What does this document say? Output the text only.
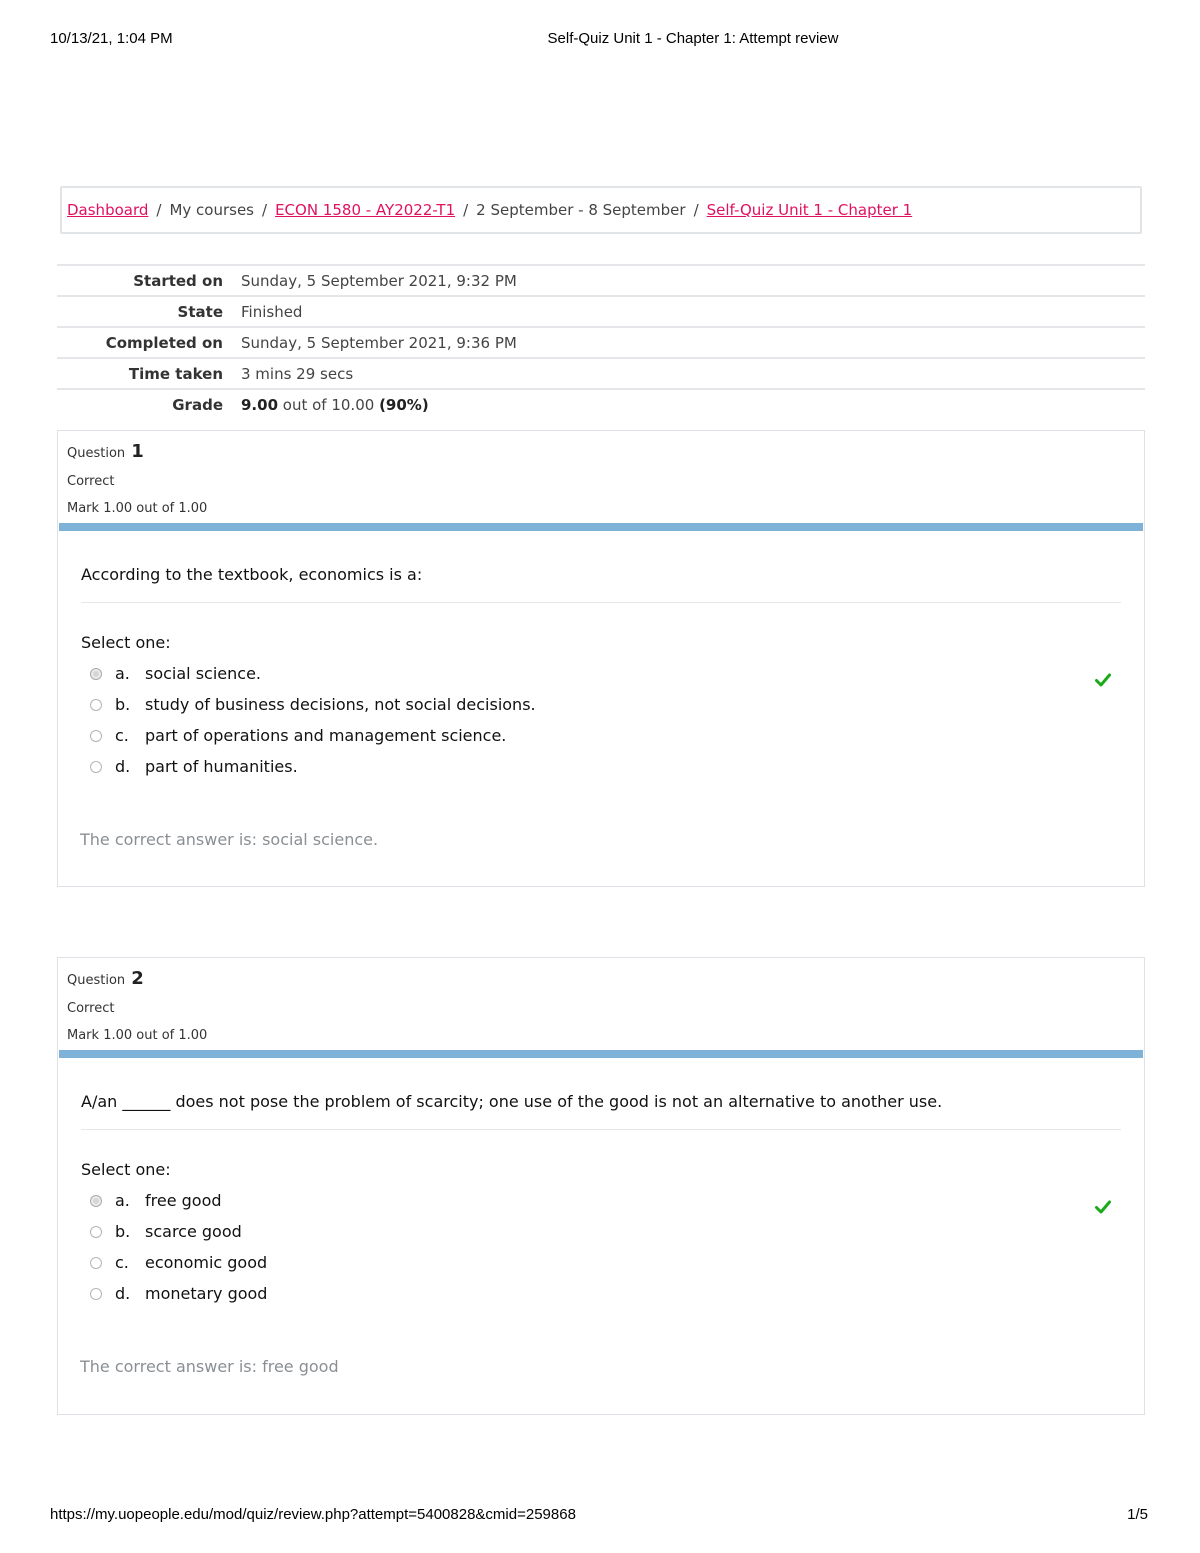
10/13/21, 1:04 PM	Self-Quiz Unit 1 - Chapter 1: Attempt review
Dashboard / My courses / ECON 1580 - AY2022-T1 / 2 September - 8 September / Self-Quiz Unit 1 - Chapter 1
Started on	Sunday, 5 September 2021, 9:32 PM
State	Finished
Completed on	Sunday, 5 September 2021, 9:36 PM
Time taken	3 mins 29 secs
Grade	9.00 out of 10.00 (90%)
Question 1
Correct
Mark 1.00 out of 1.00
According to the textbook, economics is a:
Select one:
a. social science.
b. study of business decisions, not social decisions.
c.	part of operations and management science.
d. part of humanities.
The correct answer is: social science.
Question 2
Correct
Mark 1.00 out of 1.00
A/an ______ does not pose the problem of scarcity; one use of the good is not an alternative to another use.
Select one:
a. free good
b. scarce good
c.	economic good
d. monetary good
The correct answer is: free good
https://my.uopeople.edu/mod/quiz/review.php?attempt=5400828&cmid=259868	1/5
